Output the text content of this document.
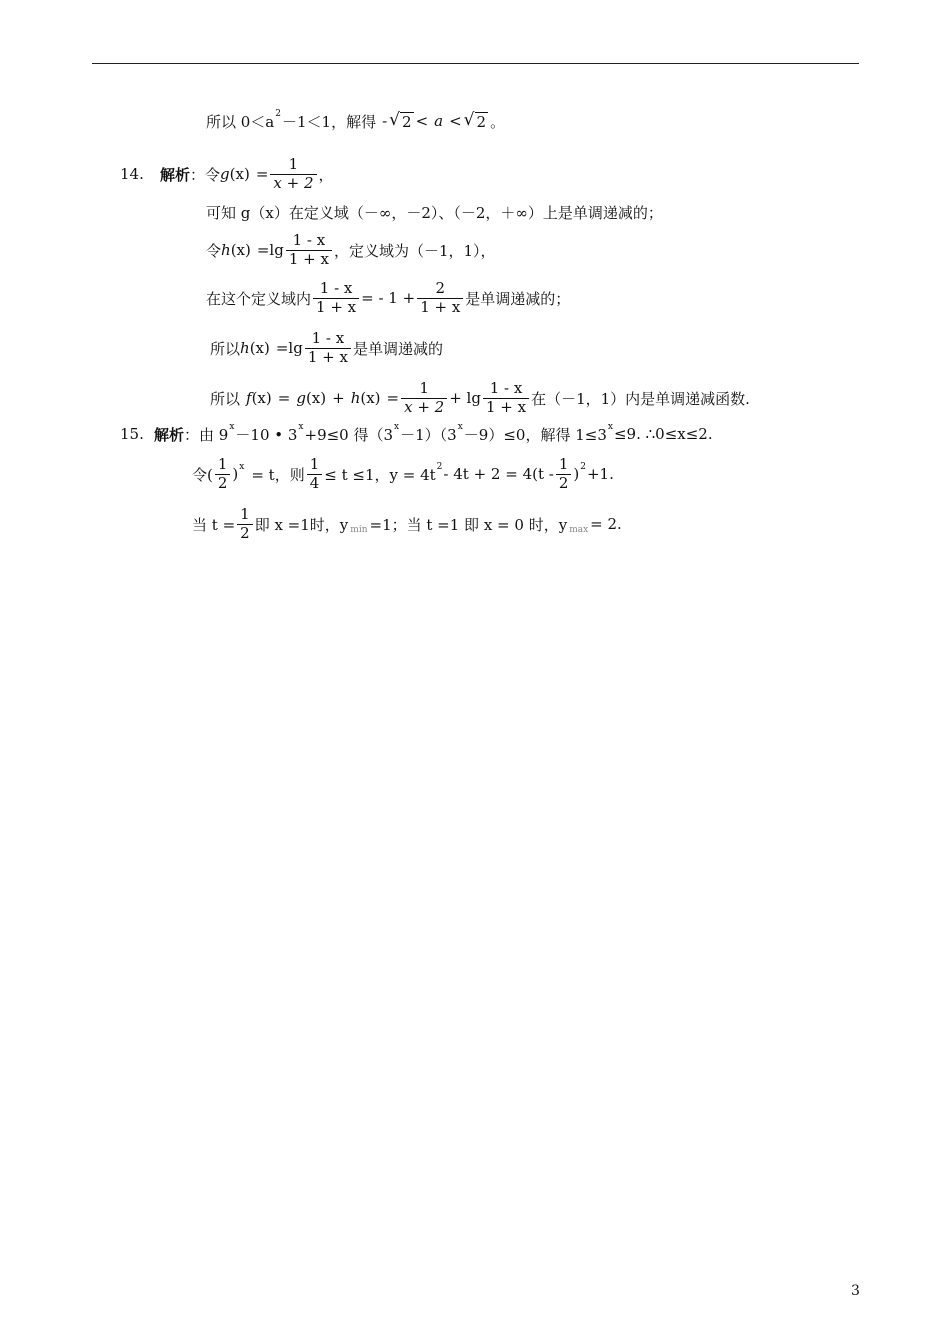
所以 0＜a 2 －1＜1，解得 - √ 2 < a < √ 2 。
14.	解析 ：令 g $(x) = \frac{1}{x + 2}$ ，
可知 g（x）在定义域（－∞，－2）、（－2，＋∞）上是单调递减的；
令 h $(x) =\lg \frac{1 - x}{1 + x}$ ，定义域为（－1，1），
在这个定义域内 $\frac{1 - x}{1 + x}$ = - $1 + \frac{2}{1 + x}$ 是单调递减的；
所以 h $(x) =\lg \frac{1 - x}{1 + x}$ 是单调递减的
所以 f (x) = g (x) + h $(x) = \frac{1}{x + 2} + \lg \frac{1 - x}{1 + x}$ 在（－1，1）内是单调递减函数.
15. 解析 ：由 9 x －10 • 3 x +9≤0 得（3 x －1）（3 x －9）≤0，解得 1≤3 x ≤9. ∴0≤x≤2.
令( $\frac{1}{2}$ ) x = t，则 $\frac{1}{4} \le t \le 1$，y = 4t $2 - 4t + 2 = 4(t - \frac{1}{2}$ ) 2 +1.
当 $t = \frac{1}{2}$ 即 x =1时，y min =1；当 t =1 即 x = 0 时，y max = 2.
3
